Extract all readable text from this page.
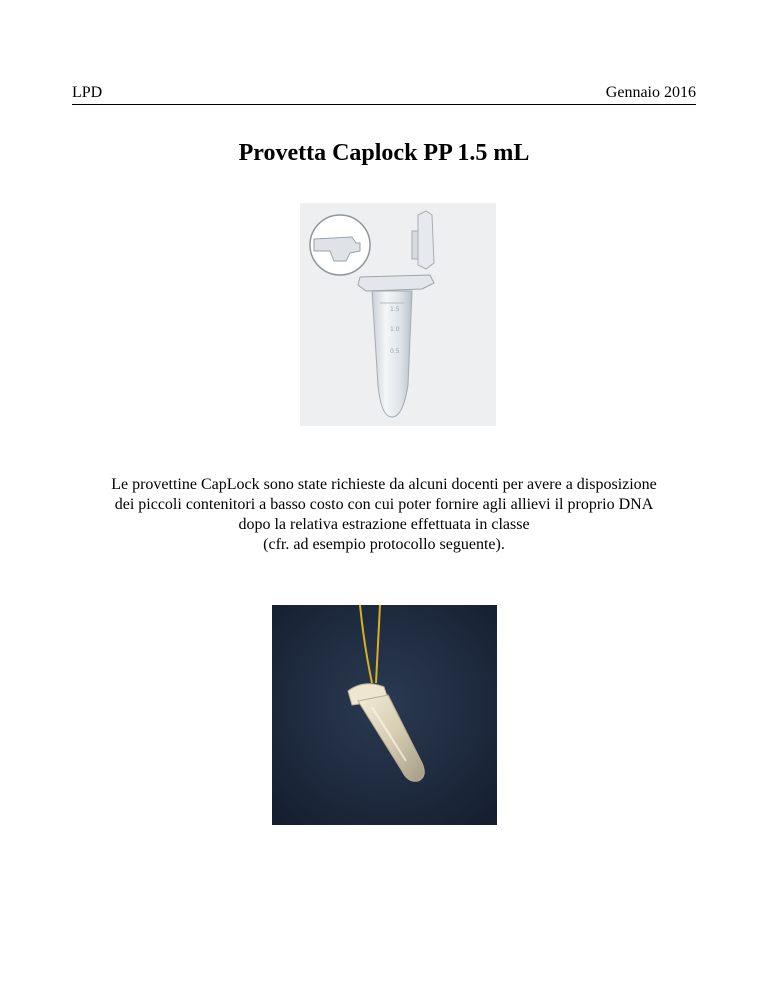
LPD	Gennaio 2016
Provetta Caplock PP 1.5 mL
1.5
1.0
0.5

Le provettine CapLock sono state richieste da alcuni docenti per avere a disposizione

dei piccoli contenitori a basso costo con cui poter fornire agli allievi il proprio DNA

dopo la relativa estrazione effettuata in classe

(cfr. ad esempio protocollo seguente).
